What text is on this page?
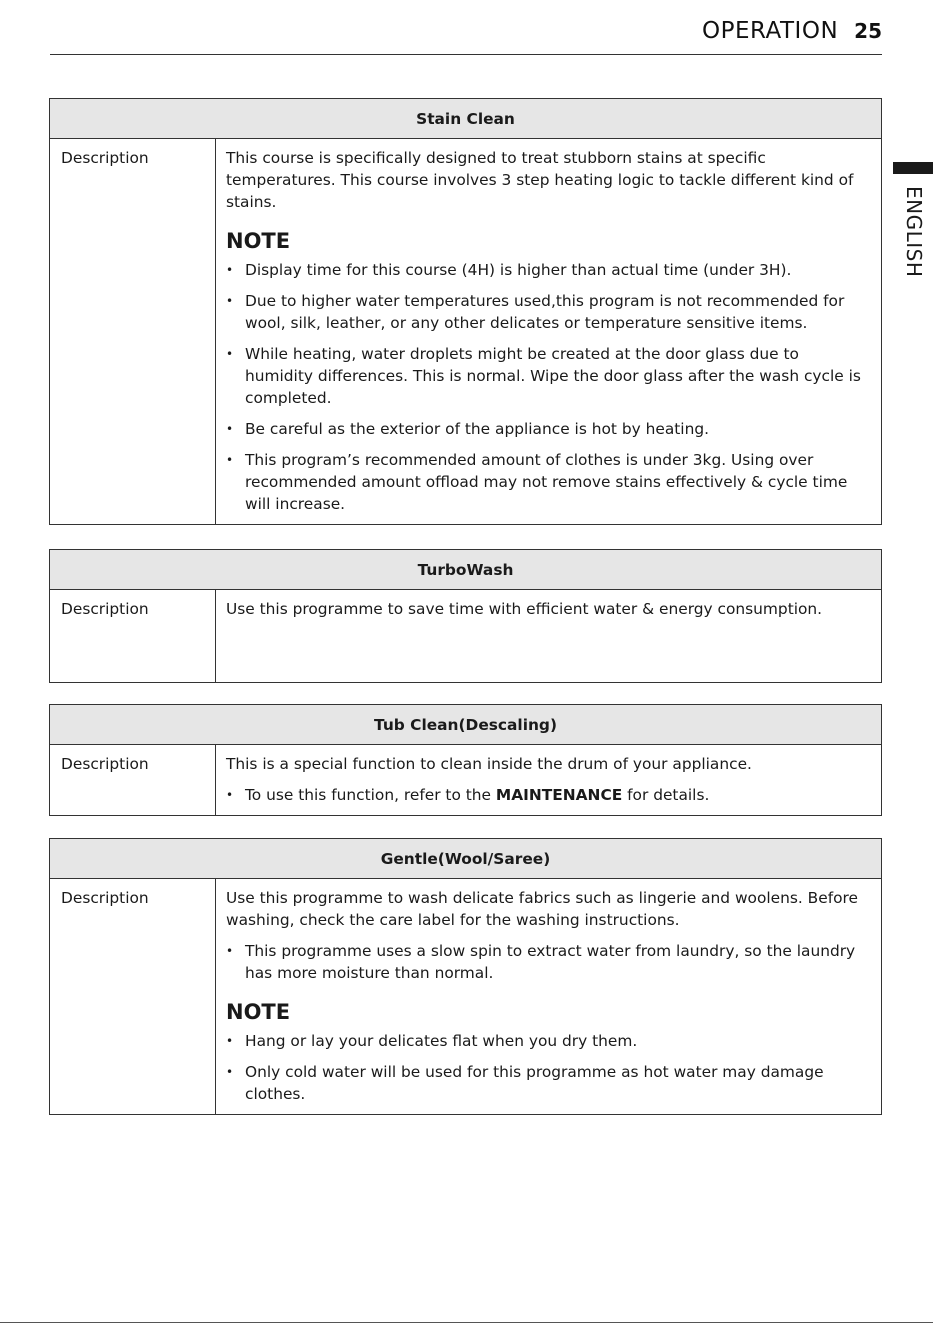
OPERATION 25
ENGLISH
Stain Clean
Description	This course is specifically designed to treat stubborn stains at specific temperatures. This course involves 3 step heating logic to tackle different kind of stains.

NOTE
• Display time for this course (4H) is higher than actual time (under 3H).
• Due to higher water temperatures used,this program is not recommended for wool, silk, leather, or any other delicates or temperature sensitive items.
• While heating, water droplets might be created at the door glass due to humidity differences. This is normal. Wipe the door glass after the wash cycle is completed.
• Be careful as the exterior of the appliance is hot by heating.
• This program’s recommended amount of clothes is under 3kg. Using over recommended amount offload may not remove stains effectively & cycle time will increase.
TurboWash
Description	Use this programme to save time with efficient water & energy consumption.
Tub Clean(Descaling)
Description	This is a special function to clean inside the drum of your appliance.

• To use this function, refer to the MAINTENANCE for details.
Gentle(Wool/Saree)
Description	Use this programme to wash delicate fabrics such as lingerie and woolens. Before washing, check the care label for the washing instructions.

• This programme uses a slow spin to extract water from laundry, so the laundry has more moisture than normal.
NOTE
• Hang or lay your delicates flat when you dry them.
• Only cold water will be used for this programme as hot water may damage clothes.
